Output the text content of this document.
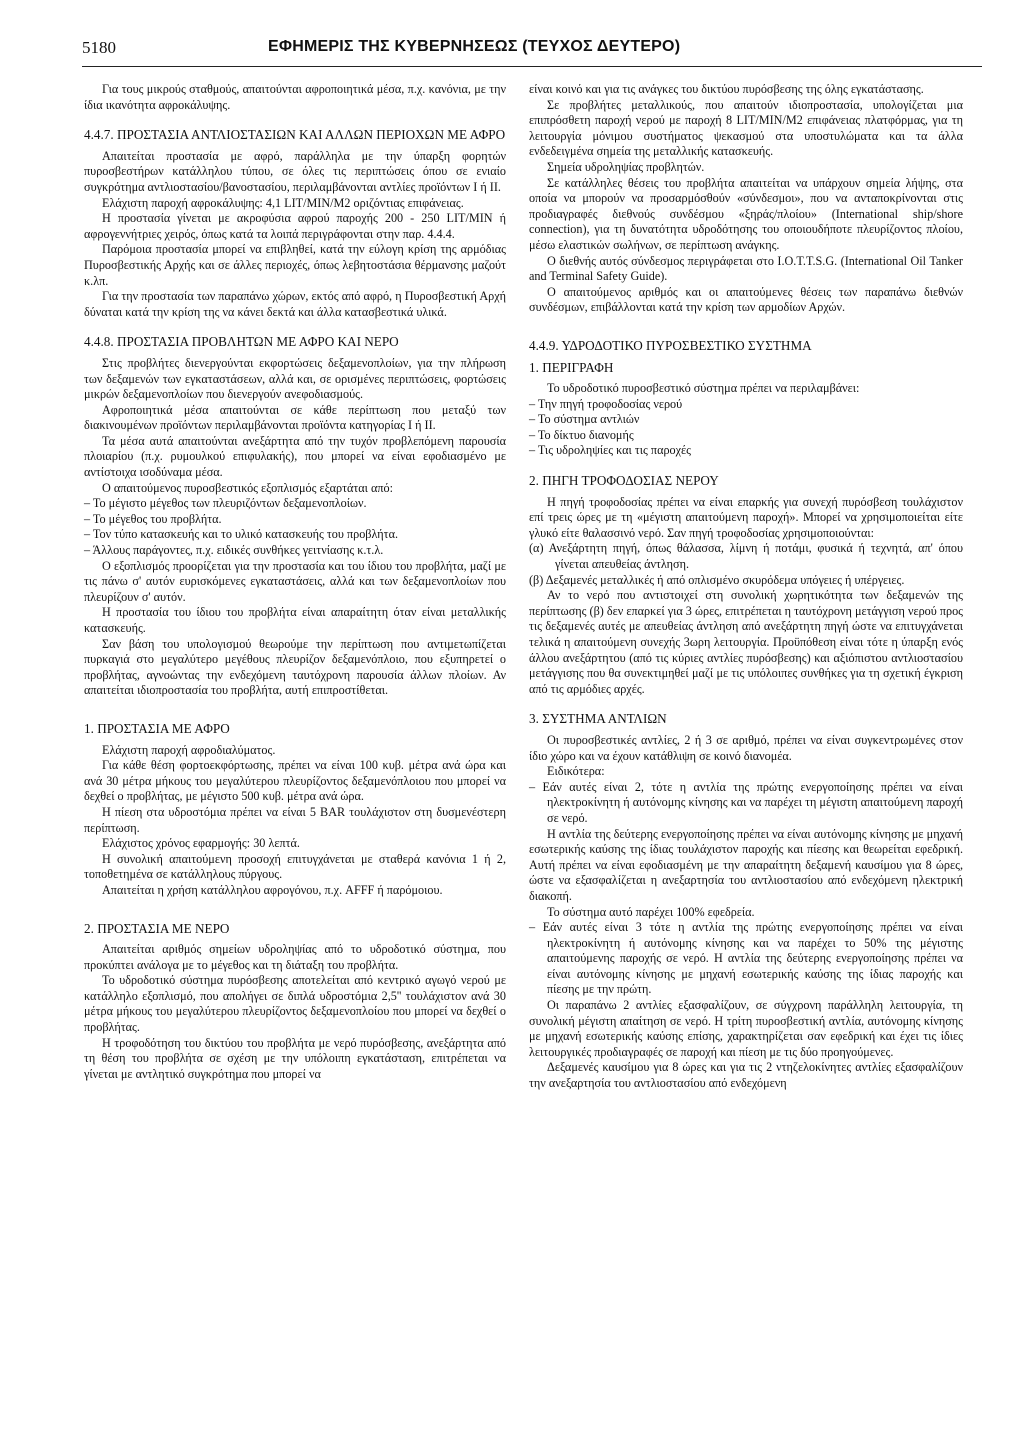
5180	ΕΦΗΜΕΡΙΣ ΤΗΣ ΚΥΒΕΡΝΗΣΕΩΣ (ΤΕΥΧΟΣ ΔΕΥΤΕΡΟ)

Για τους μικρούς σταθμούς, απαιτούνται αφροποιητικά μέσα, π.χ. κανόνια, με την ίδια ικανότητα αφροκάλυψης.

4.4.7. ΠΡΟΣΤΑΣΙΑ ΑΝΤΛΙΟΣΤΑΣΙΩΝ ΚΑΙ ΑΛΛΩΝ ΠΕΡΙΟΧΩΝ ΜΕ ΑΦΡΟ

Απαιτείται προστασία με αφρό, παράλληλα με την ύπαρξη φορητών πυροσβεστήρων κατάλληλου τύπου, σε όλες τις περιπτώσεις όπου σε ενιαίο συγκρότημα αντλιοστασίου/βανοστασίου, περιλαμβάνονται αντλίες προϊόντων Ι ή ΙΙ.

Ελάχιστη παροχή αφροκάλυψης: 4,1 LIT/MIN/M2 οριζόντιας επιφάνειας.

Η προστασία γίνεται με ακροφύσια αφρού παροχής 200 - 250 LIT/MIN ή αφρογεννήτριες χειρός, όπως κατά τα λοιπά περιγράφονται στην παρ. 4.4.4.

Παρόμοια προστασία μπορεί να επιβληθεί, κατά την εύλογη κρίση της αρμόδιας Πυροσβεστικής Αρχής και σε άλλες περιοχές, όπως λεβητοστάσια θέρμανσης μαζούτ κ.λπ.

Για την προστασία των παραπάνω χώρων, εκτός από αφρό, η Πυροσβεστική Αρχή δύναται κατά την κρίση της να κάνει δεκτά και άλλα κατασβεστικά υλικά.

4.4.8. ΠΡΟΣΤΑΣΙΑ ΠΡΟΒΛΗΤΩΝ ΜΕ ΑΦΡΟ ΚΑΙ ΝΕΡΟ

Στις προβλήτες διενεργούνται εκφορτώσεις δεξαμενοπλοίων, για την πλήρωση των δεξαμενών των εγκαταστάσεων, αλλά και, σε ορισμένες περιπτώσεις, φορτώσεις μικρών δεξαμενοπλοίων που διενεργούν ανεφοδιασμούς.

Αφροποιητικά μέσα απαιτούνται σε κάθε περίπτωση που μεταξύ των διακινουμένων προϊόντων περιλαμβάνονται προϊόντα κατηγορίας Ι ή ΙΙ.

Τα μέσα αυτά απαιτούνται ανεξάρτητα από την τυχόν προβλεπόμενη παρουσία πλοιαρίου (π.χ. ρυμουλκού επιφυλακής), που μπορεί να είναι εφοδιασμένο με αντίστοιχα ισοδύναμα μέσα.

Ο απαιτούμενος πυροσβεστικός εξοπλισμός εξαρτάται από:

– Το μέγιστο μέγεθος των πλευριζόντων δεξαμενοπλοίων.

– Το μέγεθος του προβλήτα.

– Τον τύπο κατασκευής και το υλικό κατασκευής του προβλήτα.

– Άλλους παράγοντες, π.χ. ειδικές συνθήκες γειτνίασης κ.τ.λ.

Ο εξοπλισμός προορίζεται για την προστασία και του ίδιου του προβλήτα, μαζί με τις πάνω σ' αυτόν ευρισκόμενες εγκαταστάσεις, αλλά και των δεξαμενοπλοίων που πλευρίζουν σ' αυτόν.

Η προστασία του ίδιου του προβλήτα είναι απαραίτητη όταν είναι μεταλλικής κατασκευής.

Σαν βάση του υπολογισμού θεωρούμε την περίπτωση που αντιμετωπίζεται πυρκαγιά στο μεγαλύτερο μεγέθους πλευρίζον δεξαμενόπλοιο, που εξυπηρετεί ο προβλήτας, αγνοώντας την ενδεχόμενη ταυτόχρονη παρουσία άλλων πλοίων. Αν απαιτείται ιδιοπροστασία του προβλήτα, αυτή επιπροστίθεται.

1. ΠΡΟΣΤΑΣΙΑ ΜΕ ΑΦΡΟ

Ελάχιστη παροχή αφροδιαλύματος.

Για κάθε θέση φορτοεκφόρτωσης, πρέπει να είναι 100 κυβ. μέτρα ανά ώρα και ανά 30 μέτρα μήκους του μεγαλύτερου πλευρίζοντος δεξαμενόπλοιου που μπορεί να δεχθεί ο προβλήτας, με μέγιστο 500 κυβ. μέτρα ανά ώρα.

Η πίεση στα υδροστόμια πρέπει να είναι 5 BAR τουλάχιστον στη δυσμενέστερη περίπτωση.

Ελάχιστος χρόνος εφαρμογής: 30 λεπτά.

Η συνολική απαιτούμενη προσοχή επιτυγχάνεται με σταθερά κανόνια 1 ή 2, τοποθετημένα σε κατάλληλους πύργους.

Απαιτείται η χρήση κατάλληλου αφρογόνου, π.χ. AFFF ή παρόμοιου.

2. ΠΡΟΣΤΑΣΙΑ ΜΕ ΝΕΡΟ

Απαιτείται αριθμός σημείων υδροληψίας από το υδροδοτικό σύστημα, που προκύπτει ανάλογα με το μέγεθος και τη διάταξη του προβλήτα.

Το υδροδοτικό σύστημα πυρόσβεσης αποτελείται από κεντρικό αγωγό νερού με κατάλληλο εξοπλισμό, που απολήγει σε διπλά υδροστόμια 2,5'' τουλάχιστον ανά 30 μέτρα μήκους του μεγαλύτερου πλευρίζοντος δεξαμενοπλοίου που μπορεί να δεχθεί ο προβλήτας.

Η τροφοδότηση του δικτύου του προβλήτα με νερό πυρόσβεσης, ανεξάρτητα από τη θέση του προβλήτα σε σχέση με την υπόλοιπη εγκατάσταση, επιτρέπεται να γίνεται με αντλητικό συγκρότημα που μπορεί να

είναι κοινό και για τις ανάγκες του δικτύου πυρόσβεσης της όλης εγκατάστασης.

Σε προβλήτες μεταλλικούς, που απαιτούν ιδιοπροστασία, υπολογίζεται μια επιπρόσθετη παροχή νερού με παροχή 8 LIT/MIN/M2 επιφάνειας πλατφόρμας, για τη λειτουργία μόνιμου συστήματος ψεκασμού στα υποστυλώματα και τα άλλα ενδεδειγμένα σημεία της μεταλλικής κατασκευής.

Σημεία υδροληψίας προβλητών.

Σε κατάλληλες θέσεις του προβλήτα απαιτείται να υπάρχουν σημεία λήψης, στα οποία να μπορούν να προσαρμόσθούν «σύνδεσμοι», που να ανταποκρίνονται στις προδιαγραφές διεθνούς συνδέσμου «ξηράς/πλοίου» (International ship/shore connection), για τη δυνατότητα υδροδότησης του οποιουδήποτε πλευρίζοντος πλοίου, μέσω ελαστικών σωλήνων, σε περίπτωση ανάγκης.

Ο διεθνής αυτός σύνδεσμος περιγράφεται στο I.O.T.T.S.G. (International Oil Tanker and Terminal Safety Guide).

Ο απαιτούμενος αριθμός και οι απαιτούμενες θέσεις των παραπάνω διεθνών συνδέσμων, επιβάλλονται κατά την κρίση των αρμοδίων Αρχών.

4.4.9. ΥΔΡΟΔΟΤΙΚΟ ΠΥΡΟΣΒΕΣΤΙΚΟ ΣΥΣΤΗΜΑ

1. ΠΕΡΙΓΡΑΦΗ

Το υδροδοτικό πυροσβεστικό σύστημα πρέπει να περιλαμβάνει:

– Την πηγή τροφοδοσίας νερού

– Το σύστημα αντλιών

– Το δίκτυο διανομής

– Τις υδροληψίες και τις παροχές

2. ΠΗΓΗ ΤΡΟΦΟΔΟΣΙΑΣ ΝΕΡΟΥ

Η πηγή τροφοδοσίας πρέπει να είναι επαρκής για συνεχή πυρόσβεση τουλάχιστον επί τρεις ώρες με τη «μέγιστη απαιτούμενη παροχή». Μπορεί να χρησιμοποιείται είτε γλυκό είτε θαλασσινό νερό. Σαν πηγή τροφοδοσίας χρησιμοποιούνται:

(α) Ανεξάρτητη πηγή, όπως θάλασσα, λίμνη ή ποτάμι, φυσικά ή τεχνητά, απ' όπου γίνεται απευθείας άντληση.

(β) Δεξαμενές μεταλλικές ή από οπλισμένο σκυρόδεμα υπόγειες ή υπέργειες.

Αν το νερό που αντιστοιχεί στη συνολική χωρητικότητα των δεξαμενών της περίπτωσης (β) δεν επαρκεί για 3 ώρες, επιτρέπεται η ταυτόχρονη μετάγγιση νερού προς τις δεξαμενές αυτές με απευθείας άντληση από ανεξάρτητη πηγή ώστε να επιτυγχάνεται τελικά η απαιτούμενη συνεχής 3ωρη λειτουργία. Προϋπόθεση είναι τότε η ύπαρξη ενός άλλου ανεξάρτητου (από τις κύριες αντλίες πυρόσβεσης) και αξιόπιστου αντλιοστασίου μετάγγισης που θα συνεκτιμηθεί μαζί με τις υπόλοιπες συνθήκες για τη σχετική έγκριση από τις αρμόδιες αρχές.

3. ΣΥΣΤΗΜΑ ΑΝΤΛΙΩΝ

Οι πυροσβεστικές αντλίες, 2 ή 3 σε αριθμό, πρέπει να είναι συγκεντρωμένες στον ίδιο χώρο και να έχουν κατάθλιψη σε κοινό διανομέα.

Ειδικότερα:

– Εάν αυτές είναι 2, τότε η αντλία της πρώτης ενεργοποίησης πρέπει να είναι ηλεκτροκίνητη ή αυτόνομης κίνησης και να παρέχει τη μέγιστη απαιτούμενη παροχή σε νερό.

Η αντλία της δεύτερης ενεργοποίησης πρέπει να είναι αυτόνομης κίνησης με μηχανή εσωτερικής καύσης της ίδιας τουλάχιστον παροχής και πίεσης και θεωρείται εφεδρική. Αυτή πρέπει να είναι εφοδιασμένη με την απαραίτητη δεξαμενή καυσίμου για 8 ώρες, ώστε να εξασφαλίζεται η ανεξαρτησία του αντλιοστασίου από ενδεχόμενη ηλεκτρική διακοπή.

Το σύστημα αυτό παρέχει 100% εφεδρεία.

– Εάν αυτές είναι 3 τότε η αντλία της πρώτης ενεργοποίησης πρέπει να είναι ηλεκτροκίνητη ή αυτόνομης κίνησης και να παρέχει το 50% της μέγιστης απαιτούμενης παροχής σε νερό. Η αντλία της δεύτερης ενεργοποίησης πρέπει να είναι αυτόνομης κίνησης με μηχανή εσωτερικής καύσης της ίδιας παροχής και πίεσης με την πρώτη.

Οι παραπάνω 2 αντλίες εξασφαλίζουν, σε σύγχρονη παράλληλη λειτουργία, τη συνολική μέγιστη απαίτηση σε νερό. Η τρίτη πυροσβεστική αντλία, αυτόνομης κίνησης με μηχανή εσωτερικής καύσης επίσης, χαρακτηρίζεται σαν εφεδρική και έχει τις ίδιες λειτουργικές προδιαγραφές σε παροχή και πίεση με τις δύο προηγούμενες.

Δεξαμενές καυσίμου για 8 ώρες και για τις 2 ντηζελοκίνητες αντλίες εξασφαλίζουν την ανεξαρτησία του αντλιοστασίου από ενδεχόμενη
